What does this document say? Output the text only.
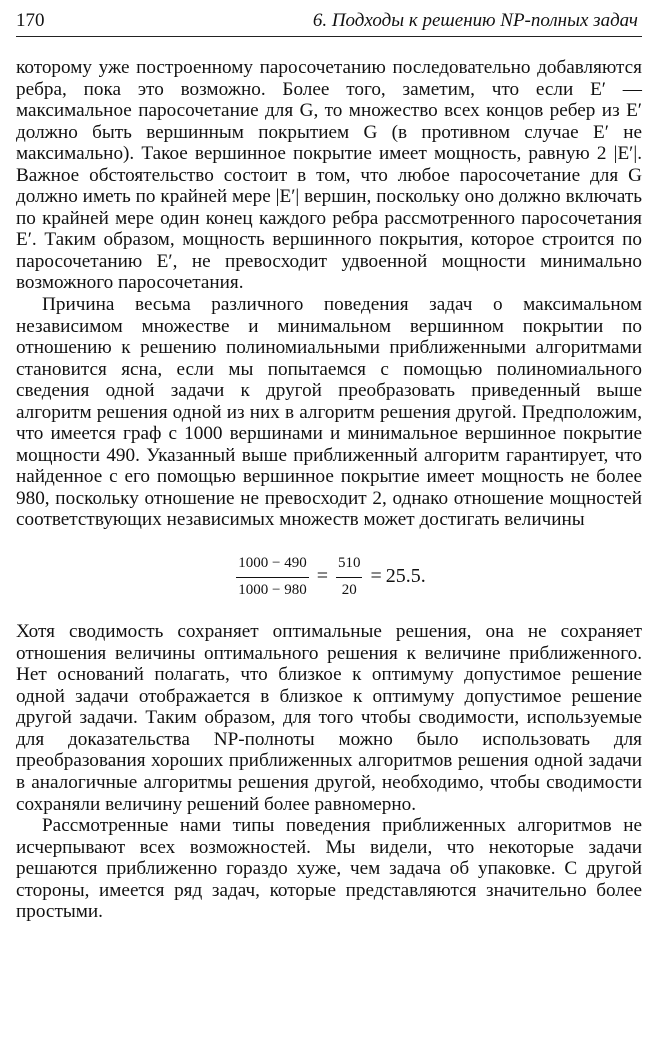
170	6. Подходы к решению NP-полных задач

которому уже построенному паросочетанию последовательно добавляются ребра, пока это возможно. Более того, заметим, что если E′ — максимальное паросочетание для G, то множество всех концов ребер из E′ должно быть вершинным покрытием G (в противном случае E′ не максимально). Такое вершинное покрытие имеет мощность, равную 2 |E′|. Важное обстоятельство состоит в том, что любое паросочетание для G должно иметь по крайней мере |E′| вершин, поскольку оно должно включать по крайней мере один конец каждого ребра рассмотренного паросочетания E′. Таким образом, мощность вершинного покрытия, которое строится по паросочетанию E′, не превосходит удвоенной мощности минимально возможного паросочетания.

Причина весьма различного поведения задач о максимальном независимом множестве и минимальном вершинном покрытии по отношению к решению полиномиальными приближенными алгоритмами становится ясна, если мы попытаемся с помощью полиномиального сведения одной задачи к другой преобразовать приведенный выше алгоритм решения одной из них в алгоритм решения другой. Предположим, что имеется граф с 1000 вершинами и минимальное вершинное покрытие мощности 490. Указанный выше приближенный алгоритм гарантирует, что найденное с его помощью вершинное покрытие имеет мощность не более 980, поскольку отношение не превосходит 2, однако отношение мощностей соответствующих независимых множеств может достигать величины

$\frac{1000 - 490}{1000 - 980} = \frac{510}{20} = 25.5$.

Хотя сводимость сохраняет оптимальные решения, она не сохраняет отношения величины оптимального решения к величине приближенного. Нет оснований полагать, что близкое к оптимуму допустимое решение одной задачи отображается в близкое к оптимуму допустимое решение другой задачи. Таким образом, для того чтобы сводимости, используемые для доказательства NP-полноты можно было использовать для преобразования хороших приближенных алгоритмов решения одной задачи в аналогичные алгоритмы решения другой, необходимо, чтобы сводимости сохраняли величину решений более равномерно.

Рассмотренные нами типы поведения приближенных алгоритмов не исчерпывают всех возможностей. Мы видели, что некоторые задачи решаются приближенно гораздо хуже, чем задача об упаковке. С другой стороны, имеется ряд задач, которые представляются значительно более простыми.
